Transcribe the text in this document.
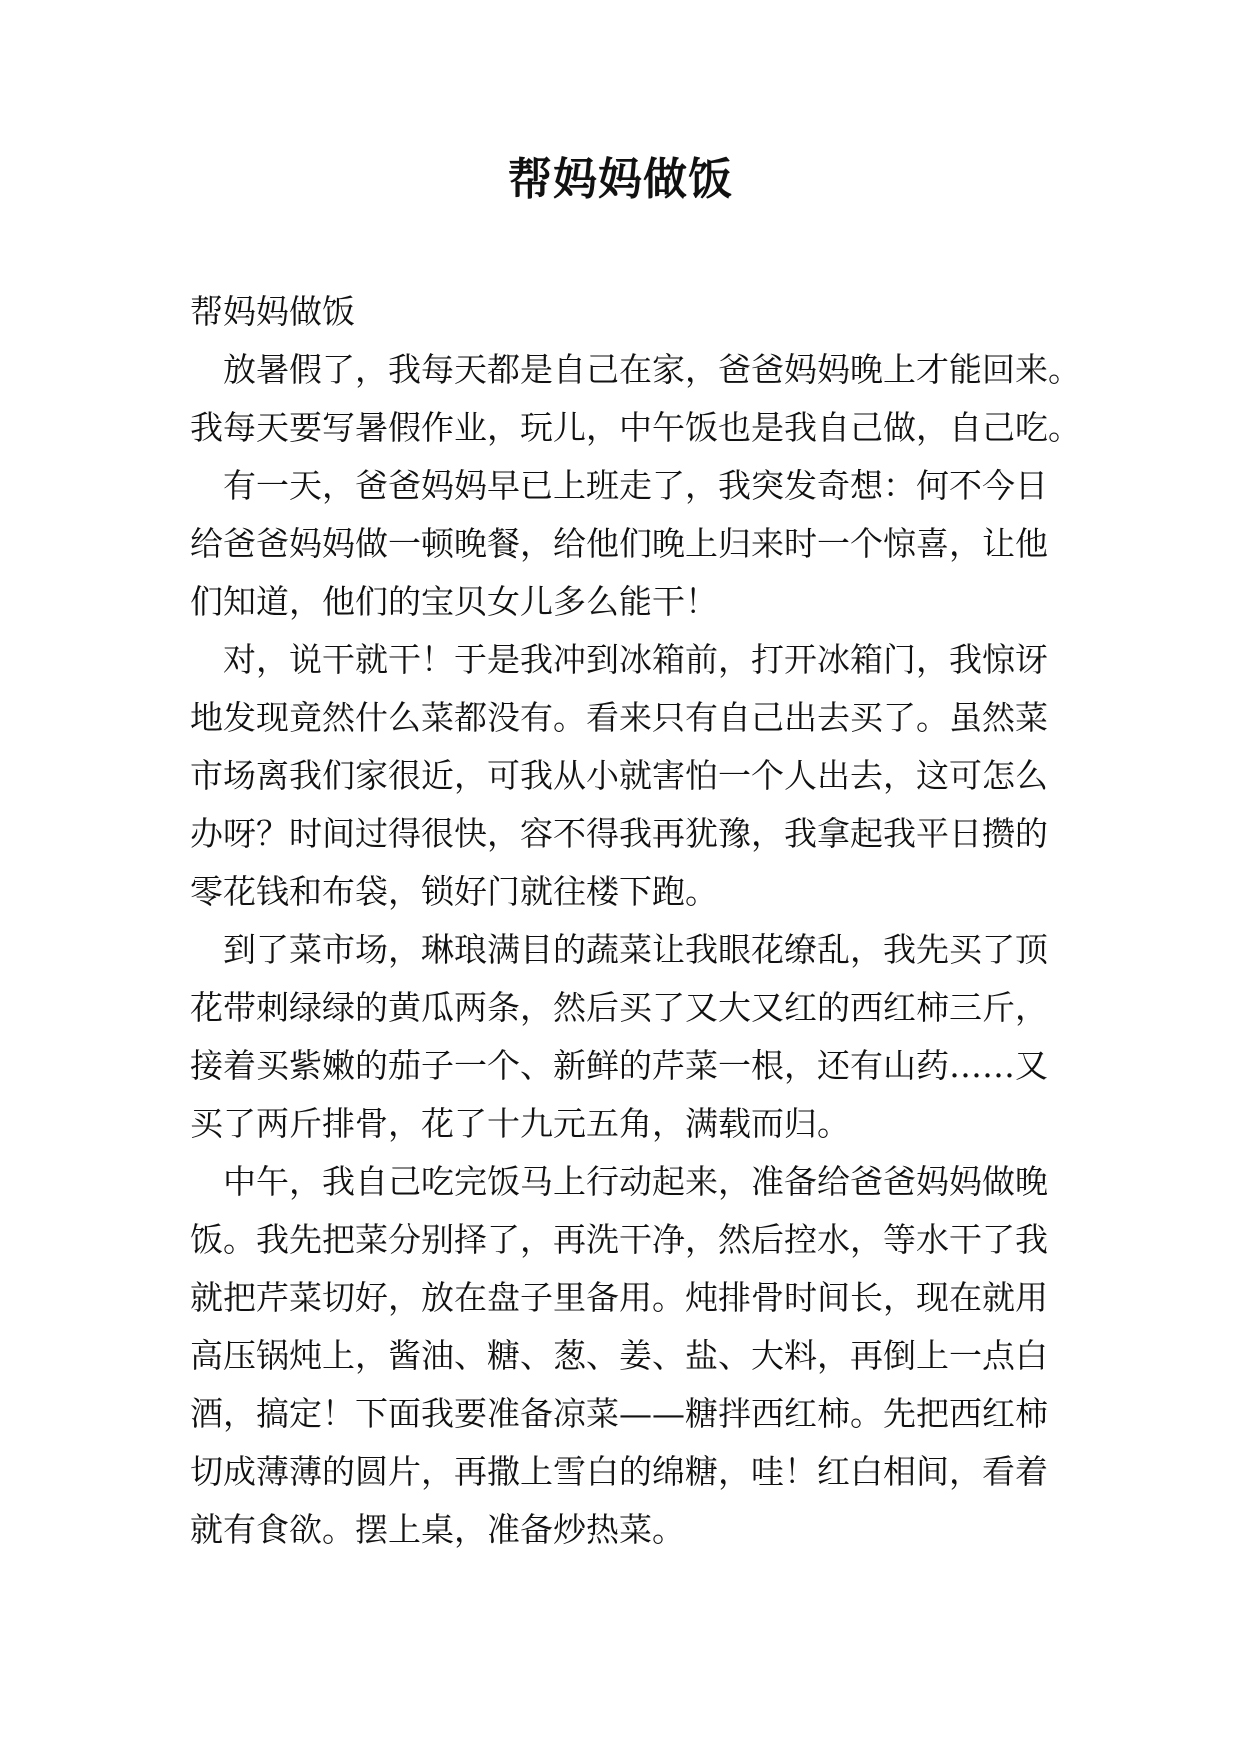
帮妈妈做饭
帮妈妈做饭
放暑假了，我每天都是自己在家，爸爸妈妈晚上才能回来。
我每天要写暑假作业，玩儿，中午饭也是我自己做，自己吃。
有一天，爸爸妈妈早已上班走了，我突发奇想：何不今日
给爸爸妈妈做一顿晚餐，给他们晚上归来时一个惊喜，让他
们知道，他们的宝贝女儿多么能干！
对，说干就干！于是我冲到冰箱前，打开冰箱门，我惊讶
地发现竟然什么菜都没有。看来只有自己出去买了。虽然菜
市场离我们家很近，可我从小就害怕一个人出去，这可怎么
办呀？时间过得很快，容不得我再犹豫，我拿起我平日攒的
零花钱和布袋，锁好门就往楼下跑。
到了菜市场，琳琅满目的蔬菜让我眼花缭乱，我先买了顶
花带刺绿绿的黄瓜两条，然后买了又大又红的西红柿三斤，
接着买紫嫩的茄子一个、新鲜的芹菜一根，还有山药……又
买了两斤排骨，花了十九元五角，满载而归。
中午，我自己吃完饭马上行动起来，准备给爸爸妈妈做晚
饭。我先把菜分别择了，再洗干净，然后控水，等水干了我
就把芹菜切好，放在盘子里备用。炖排骨时间长，现在就用
高压锅炖上，酱油、糖、葱、姜、盐、大料，再倒上一点白
酒，搞定！下面我要准备凉菜——糖拌西红柿。先把西红柿
切成薄薄的圆片，再撒上雪白的绵糖，哇！红白相间，看着
就有食欲。摆上桌，准备炒热菜。
